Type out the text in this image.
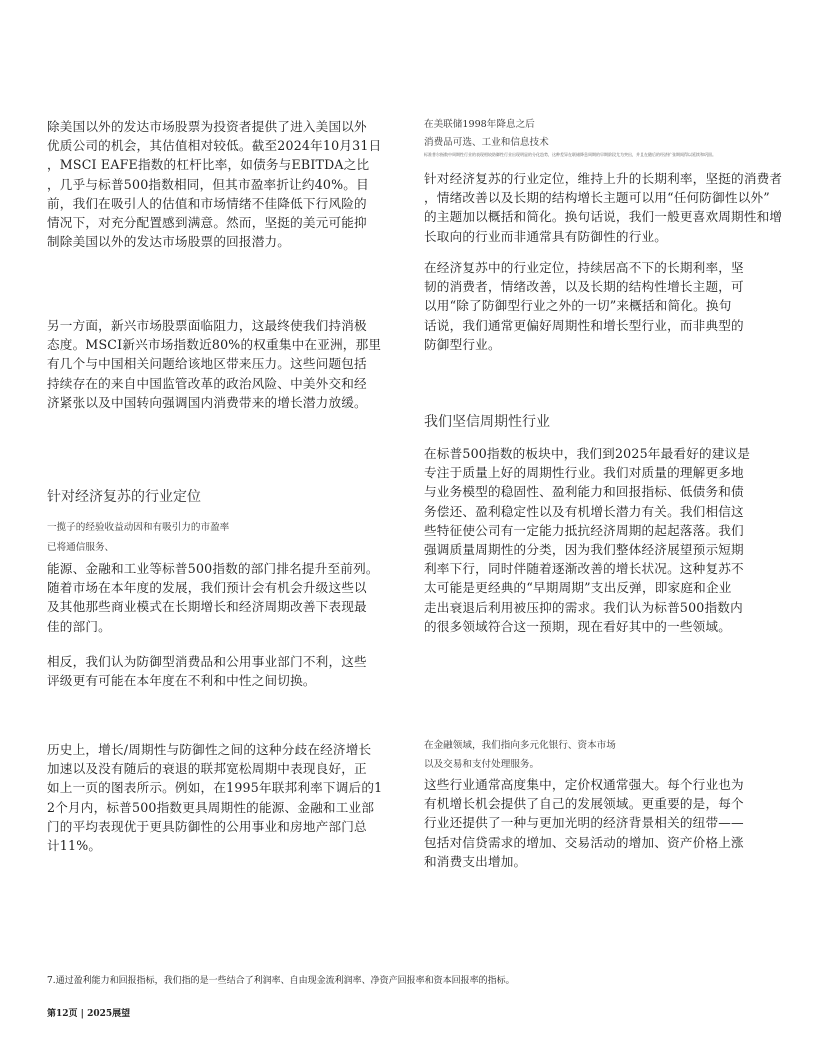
除美国以外的发达市场股票为投资者提供了进入美国以外
优质公司的机会，其估值相对较低。截至2024年10月31日
，MSCI EAFE指数的杠杆比率，如债务与EBITDA之比
，几乎与标普500指数相同，但其市盈率折让约40%。目
前，我们在吸引人的估值和市场情绪不佳降低下行风险的
情况下，对充分配置感到满意。然而，坚挺的美元可能抑
制除美国以外的发达市场股票的回报潜力。
另一方面，新兴市场股票面临阻力，这最终使我们持消极
态度。MSCI新兴市场指数近80%的权重集中在亚洲，那里
有几个与中国相关问题给该地区带来压力。这些问题包括
持续存在的来自中国监管改革的政治风险、中美外交和经
济紧张以及中国转向强调国内消费带来的增长潜力放缓。
针对经济复苏的行业定位
一揽子的经验收益动因和有吸引力的市盈率
已将通信服务、
能源、金融和工业等标普500指数的部门排名提升至前列。
随着市场在本年度的发展，我们预计会有机会升级这些以
及其他那些商业模式在长期增长和经济周期改善下表现最
佳的部门。
相反，我们认为防御型消费品和公用事业部门不利，这些
评级更有可能在本年度在不利和中性之间切换。
历史上，增长/周期性与防御性之间的这种分歧在经济增长
加速以及没有随后的衰退的联邦宽松周期中表现良好，正
如上一页的图表所示。例如，在1995年联邦利率下调后的1
2个月内，标普500指数更具周期性的能源、金融和工业部
门的平均表现优于更具防御性的公用事业和房地产部门总
计11%。
在美联储1998年降息之后
消费品可选、工业和信息技术
标准普尔指数中周期性行业的表现相较防御性行业出现明显的分化趋势，这种差异在联储降息周期的早期阶段尤为突出，并且在随后的经济扩张期间得以延续和巩固。
针对经济复苏的行业定位，维持上升的长期利率，坚挺的消费者
，情绪改善以及长期的结构增长主题可以用“任何防御性以外”
的主题加以概括和简化。换句话说，我们一般更喜欢周期性和增
长取向的行业而非通常具有防御性的行业。
在经济复苏中的行业定位，持续居高不下的长期利率，坚
韧的消费者，情绪改善，以及长期的结构性增长主题，可
以用“除了防御型行业之外的一切”来概括和简化。换句
话说，我们通常更偏好周期性和增长型行业，而非典型的
防御型行业。
我们坚信周期性行业
在标普500指数的板块中，我们到2025年最看好的建议是
专注于质量上好的周期性行业。我们对质量的理解更多地
与业务模型的稳固性、盈利能力和回报指标、低债务和债
务偿还、盈利稳定性以及有机增长潜力有关。我们相信这
些特征使公司有一定能力抵抗经济周期的起起落落。我们
强调质量周期性的分类，因为我们整体经济展望预示短期
利率下行，同时伴随着逐渐改善的增长状况。这种复苏不
太可能是更经典的“早期周期”支出反弹，即家庭和企业
走出衰退后利用被压抑的需求。我们认为标普500指数内
的很多领域符合这一预期，现在看好其中的一些领域。
在金融领域，我们指向多元化银行、资本市场
以及交易和支付处理服务。
这些行业通常高度集中，定价权通常强大。每个行业也为
有机增长机会提供了自己的发展领域。更重要的是，每个
行业还提供了一种与更加光明的经济背景相关的纽带——
包括对信贷需求的增加、交易活动的增加、资产价格上涨
和消费支出增加。
7.通过盈利能力和回报指标，我们指的是一些结合了利润率、自由现金流利润率、净资产回报率和资本回报率的指标。
第12页 | 2025展望
